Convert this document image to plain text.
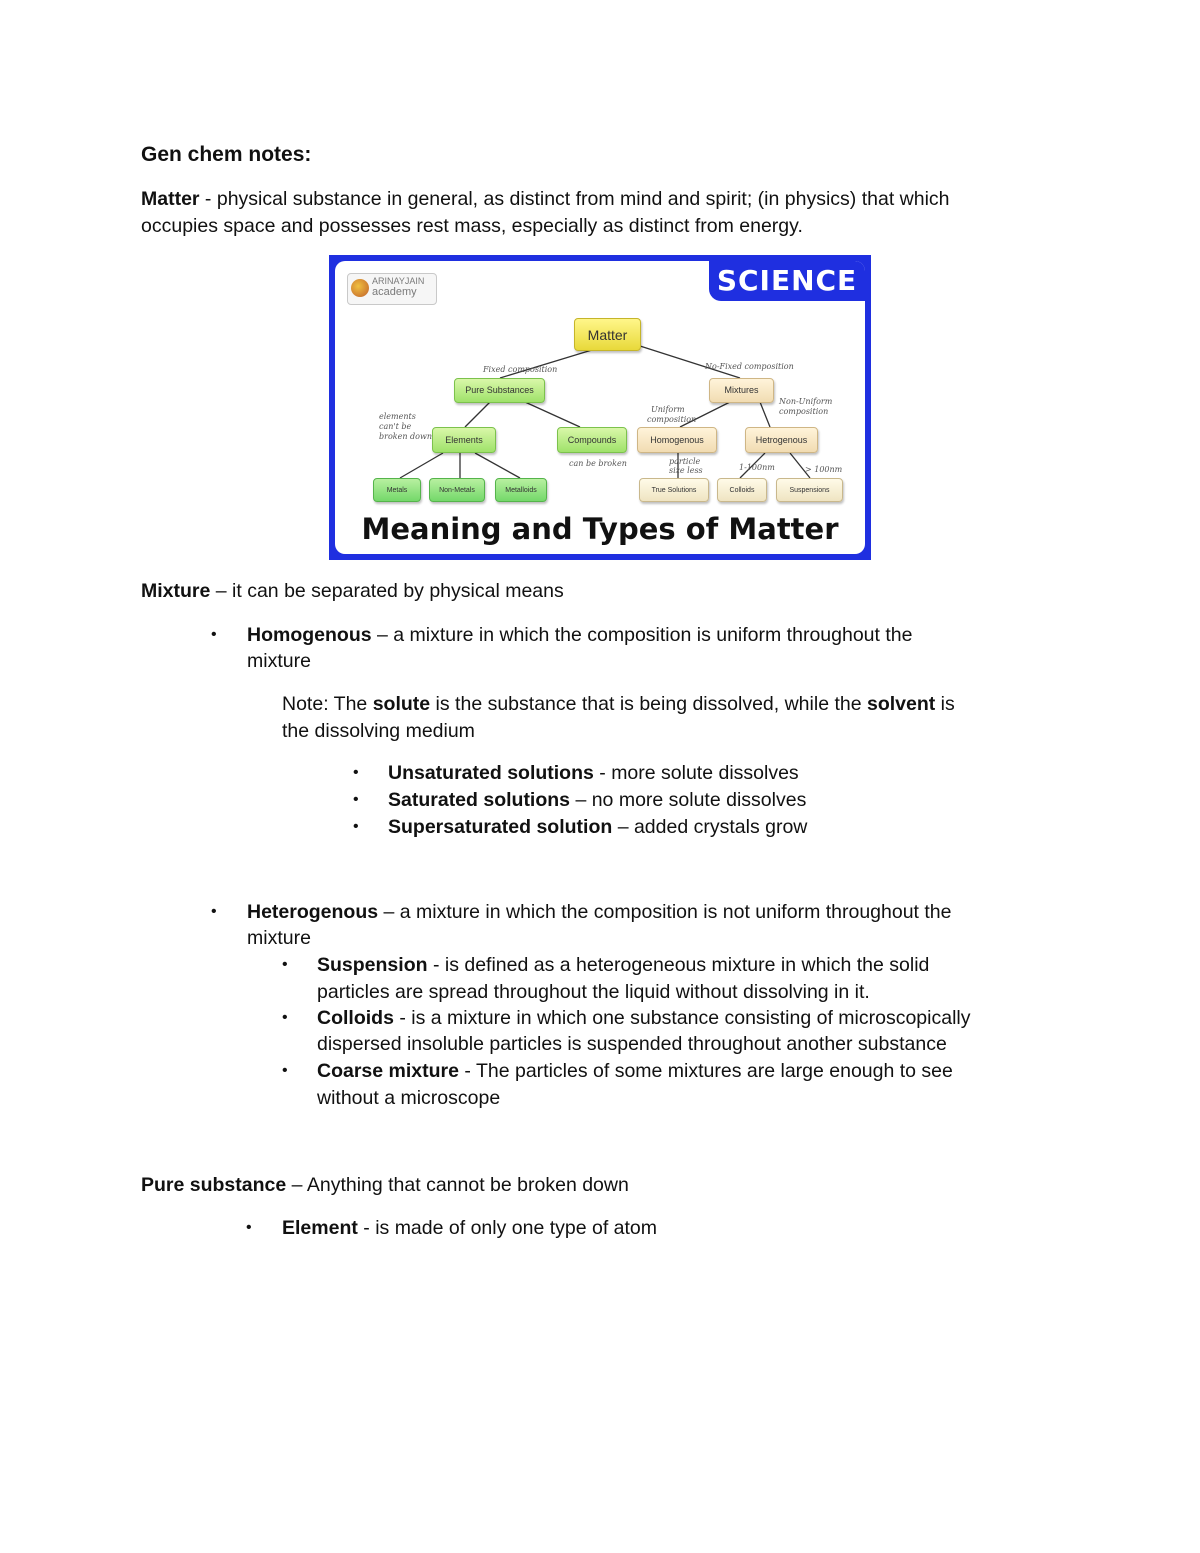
Gen chem notes:

Matter - physical substance in general, as distinct from mind and spirit; (in physics) that which

occupies space and possesses rest mass, especially as distinct from energy.

ARINAYJAIN
academy	SCIENCE
Matter
Pure Substances	Mixtures
Elements	Compounds	Homogenous	Hetrogenous
Metals	Non-Metals	Metalloids	True Solutions	Colloids	Suspensions
Fixed composition	No-Fixed composition
elements
can't be
broken down
Uniform
composition
Non-Uniform
composition
can be broken	particle
size less	1-100nm	> 100nm
Meaning and Types of Matter

Mixture – it can be separated by physical means

• Homogenous – a mixture in which the composition is uniform throughout the

mixture

Note: The solute is the substance that is being dissolved, while the solvent is

the dissolving medium

• Unsaturated solutions - more solute dissolves

• Saturated solutions – no more solute dissolves

• Supersaturated solution – added crystals grow

• Heterogenous – a mixture in which the composition is not uniform throughout the

mixture

• Suspension - is defined as a heterogeneous mixture in which the solid

particles are spread throughout the liquid without dissolving in it.

• Colloids - is a mixture in which one substance consisting of microscopically

dispersed insoluble particles is suspended throughout another substance

• Coarse mixture - The particles of some mixtures are large enough to see

without a microscope

Pure substance – Anything that cannot be broken down

• Element - is made of only one type of atom
